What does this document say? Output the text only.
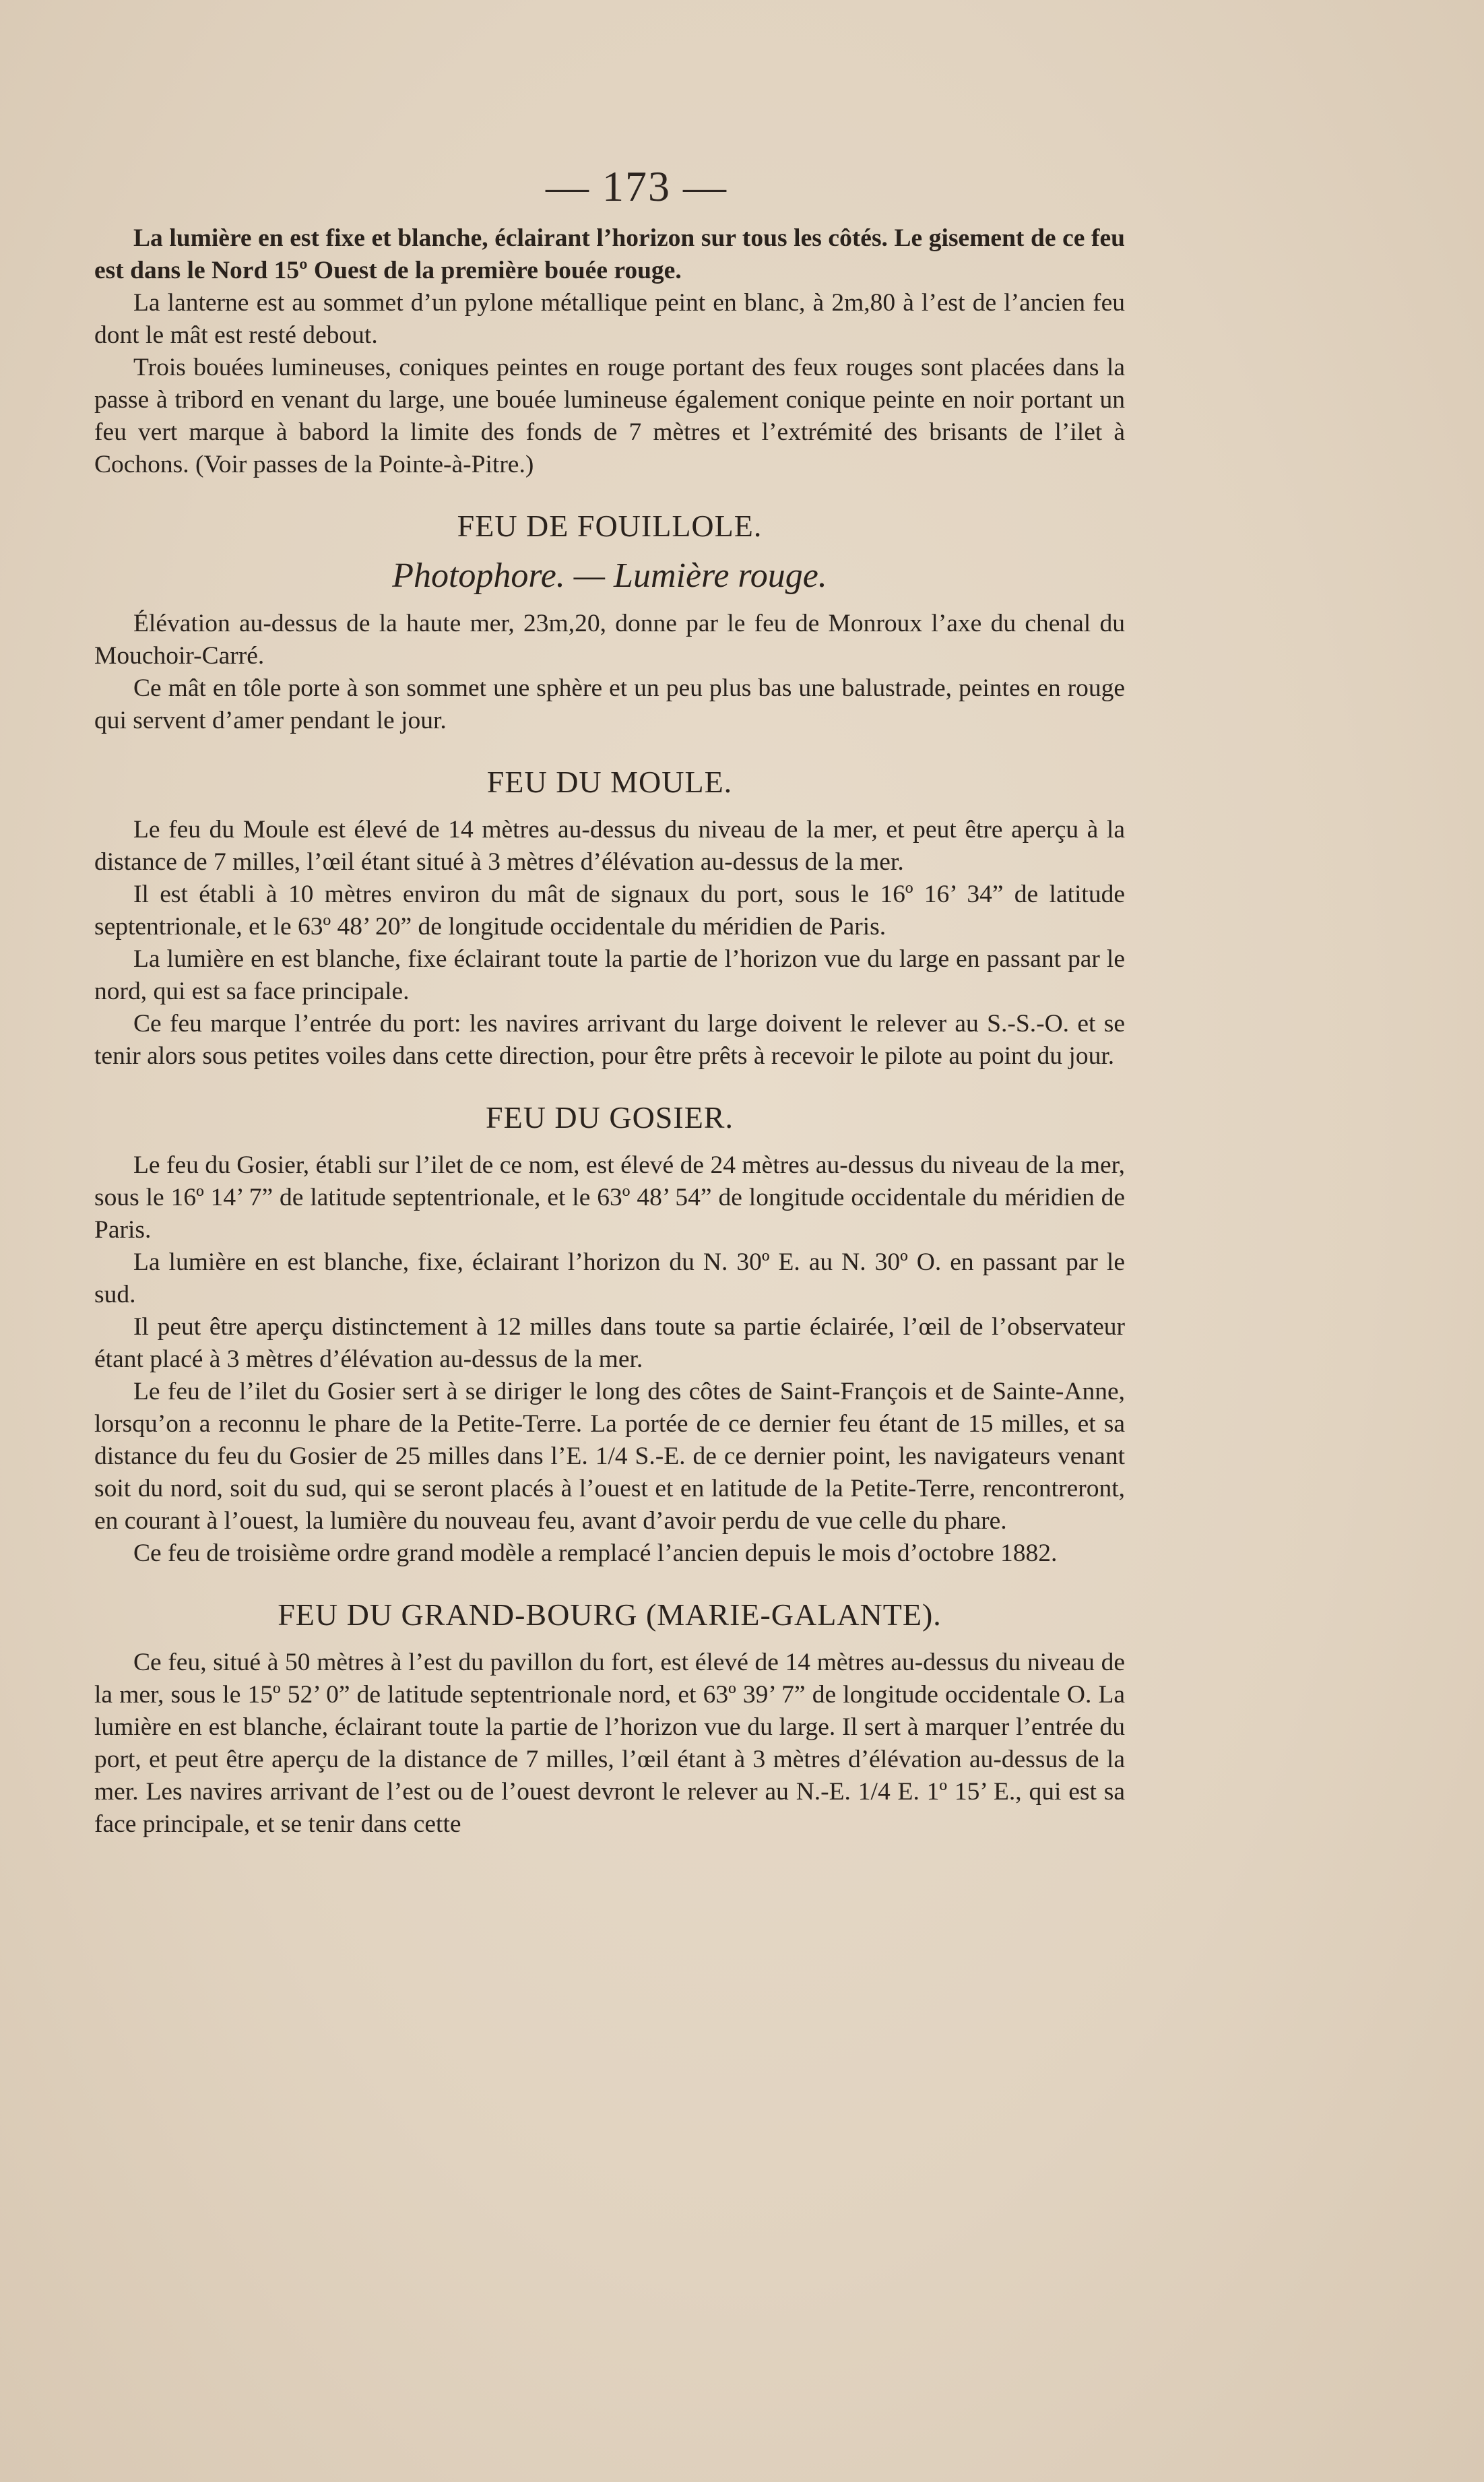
— 173 —

La lumière en est fixe et blanche, éclairant l’horizon sur tous les côtés. Le gisement de ce feu est dans le Nord 15º Ouest de la première bouée rouge.

La lanterne est au sommet d’un pylone métallique peint en blanc, à 2m,80 à l’est de l’ancien feu dont le mât est resté debout.

Trois bouées lumineuses, coniques peintes en rouge portant des feux rouges sont placées dans la passe à tribord en venant du large, une bouée lumineuse également conique peinte en noir portant un feu vert marque à babord la limite des fonds de 7 mètres et l’extrémité des brisants de l’ilet à Cochons. (Voir passes de la Pointe-à-Pitre.)

FEU DE FOUILLOLE.
Photophore. — Lumière rouge.

Élévation au-dessus de la haute mer, 23m,20, donne par le feu de Monroux l’axe du chenal du Mouchoir-Carré.

Ce mât en tôle porte à son sommet une sphère et un peu plus bas une balustrade, peintes en rouge qui servent d’amer pendant le jour.

FEU DU MOULE.

Le feu du Moule est élevé de 14 mètres au-dessus du niveau de la mer, et peut être aperçu à la distance de 7 milles, l’œil étant situé à 3 mètres d’élévation au-dessus de la mer.

Il est établi à 10 mètres environ du mât de signaux du port, sous le 16º 16’ 34” de latitude septentrionale, et le 63º 48’ 20” de longitude occidentale du méridien de Paris.

La lumière en est blanche, fixe éclairant toute la partie de l’horizon vue du large en passant par le nord, qui est sa face principale.

Ce feu marque l’entrée du port: les navires arrivant du large doivent le relever au S.-S.-O. et se tenir alors sous petites voiles dans cette direction, pour être prêts à recevoir le pilote au point du jour.

FEU DU GOSIER.

Le feu du Gosier, établi sur l’ilet de ce nom, est élevé de 24 mètres au-dessus du niveau de la mer, sous le 16º 14’ 7” de latitude septentrionale, et le 63º 48’ 54” de longitude occidentale du méridien de Paris.

La lumière en est blanche, fixe, éclairant l’horizon du N. 30º E. au N. 30º O. en passant par le sud.

Il peut être aperçu distinctement à 12 milles dans toute sa partie éclairée, l’œil de l’observateur étant placé à 3 mètres d’élévation au-dessus de la mer.

Le feu de l’ilet du Gosier sert à se diriger le long des côtes de Saint-François et de Sainte-Anne, lorsqu’on a reconnu le phare de la Petite-Terre. La portée de ce dernier feu étant de 15 milles, et sa distance du feu du Gosier de 25 milles dans l’E. 1/4 S.-E. de ce dernier point, les navigateurs venant soit du nord, soit du sud, qui se seront placés à l’ouest et en latitude de la Petite-Terre, rencontreront, en courant à l’ouest, la lumière du nouveau feu, avant d’avoir perdu de vue celle du phare.

Ce feu de troisième ordre grand modèle a remplacé l’ancien depuis le mois d’octobre 1882.

FEU DU GRAND-BOURG (MARIE-GALANTE).

Ce feu, situé à 50 mètres à l’est du pavillon du fort, est élevé de 14 mètres au-dessus du niveau de la mer, sous le 15º 52’ 0” de latitude septentrionale nord, et 63º 39’ 7” de longitude occidentale O. La lumière en est blanche, éclairant toute la partie de l’horizon vue du large. Il sert à marquer l’entrée du port, et peut être aperçu de la distance de 7 milles, l’œil étant à 3 mètres d’élévation au-dessus de la mer. Les navires arrivant de l’est ou de l’ouest devront le relever au N.-E. 1/4 E. 1º 15’ E., qui est sa face principale, et se tenir dans cette
